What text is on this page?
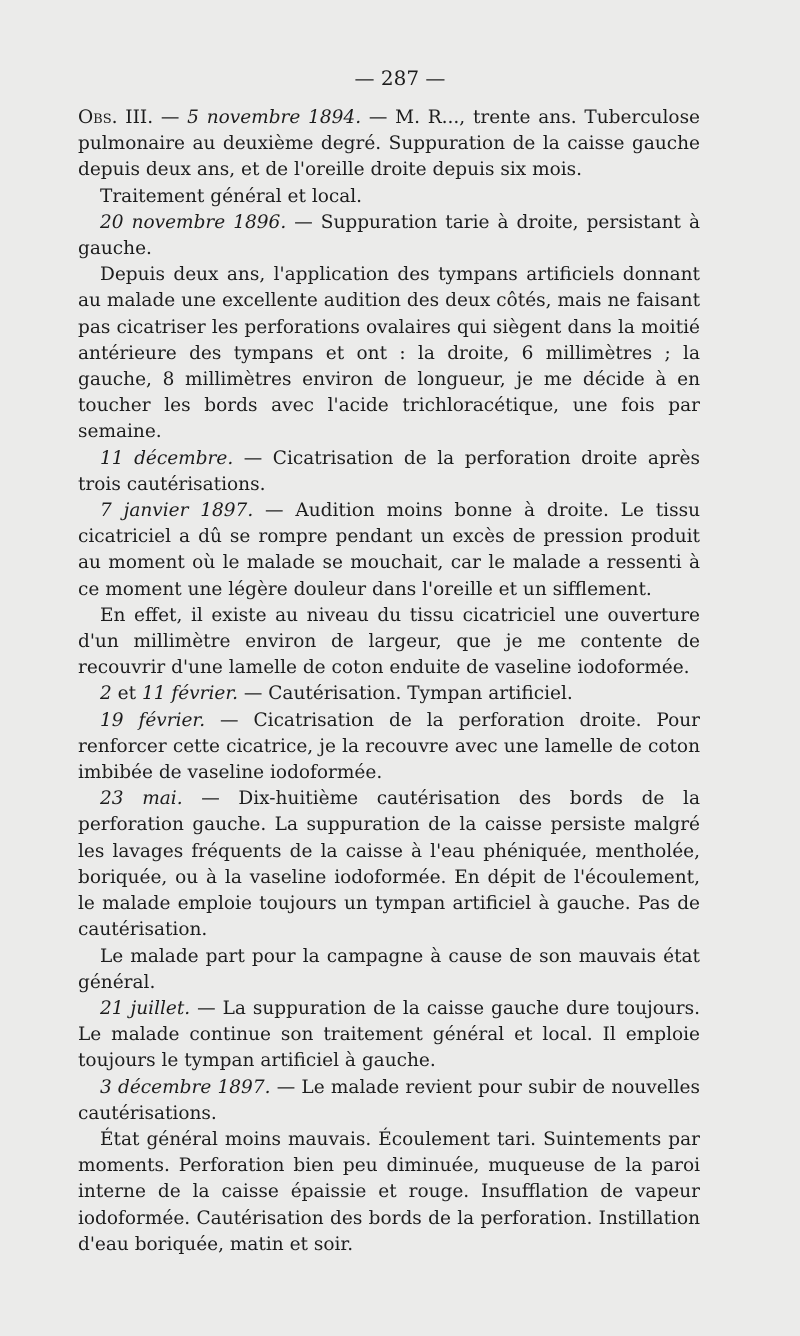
— 287 —

Obs. III. — 5 novembre 1894. — M. R..., trente ans. Tuberculose pulmonaire au deuxième degré. Suppuration de la caisse gauche depuis deux ans, et de l'oreille droite depuis six mois.

Traitement général et local.

20 novembre 1896. — Suppuration tarie à droite, persistant à gauche.

Depuis deux ans, l'application des tympans artificiels donnant au malade une excellente audition des deux côtés, mais ne faisant pas cicatriser les perforations ovalaires qui siègent dans la moitié antérieure des tympans et ont : la droite, 6 millimètres ; la gauche, 8 millimètres environ de longueur, je me décide à en toucher les bords avec l'acide trichloracétique, une fois par semaine.

11 décembre. — Cicatrisation de la perforation droite après trois cautérisations.

7 janvier 1897. — Audition moins bonne à droite. Le tissu cicatriciel a dû se rompre pendant un excès de pression produit au moment où le malade se mouchait, car le malade a ressenti à ce moment une légère douleur dans l'oreille et un sifflement.

En effet, il existe au niveau du tissu cicatriciel une ouverture d'un millimètre environ de largeur, que je me contente de recouvrir d'une lamelle de coton enduite de vaseline iodoformée.

2 et 11 février. — Cautérisation. Tympan artificiel.

19 février. — Cicatrisation de la perforation droite. Pour renforcer cette cicatrice, je la recouvre avec une lamelle de coton imbibée de vaseline iodoformée.

23 mai. — Dix-huitième cautérisation des bords de la perforation gauche. La suppuration de la caisse persiste malgré les lavages fréquents de la caisse à l'eau phéniquée, mentholée, boriquée, ou à la vaseline iodoformée. En dépit de l'écoulement, le malade emploie toujours un tympan artificiel à gauche. Pas de cautérisation.

Le malade part pour la campagne à cause de son mauvais état général.

21 juillet. — La suppuration de la caisse gauche dure toujours. Le malade continue son traitement général et local. Il emploie toujours le tympan artificiel à gauche.

3 décembre 1897. — Le malade revient pour subir de nouvelles cautérisations.

État général moins mauvais. Écoulement tari. Suintements par moments. Perforation bien peu diminuée, muqueuse de la paroi interne de la caisse épaissie et rouge. Insufflation de vapeur iodoformée. Cautérisation des bords de la perforation. Instillation d'eau boriquée, matin et soir.
